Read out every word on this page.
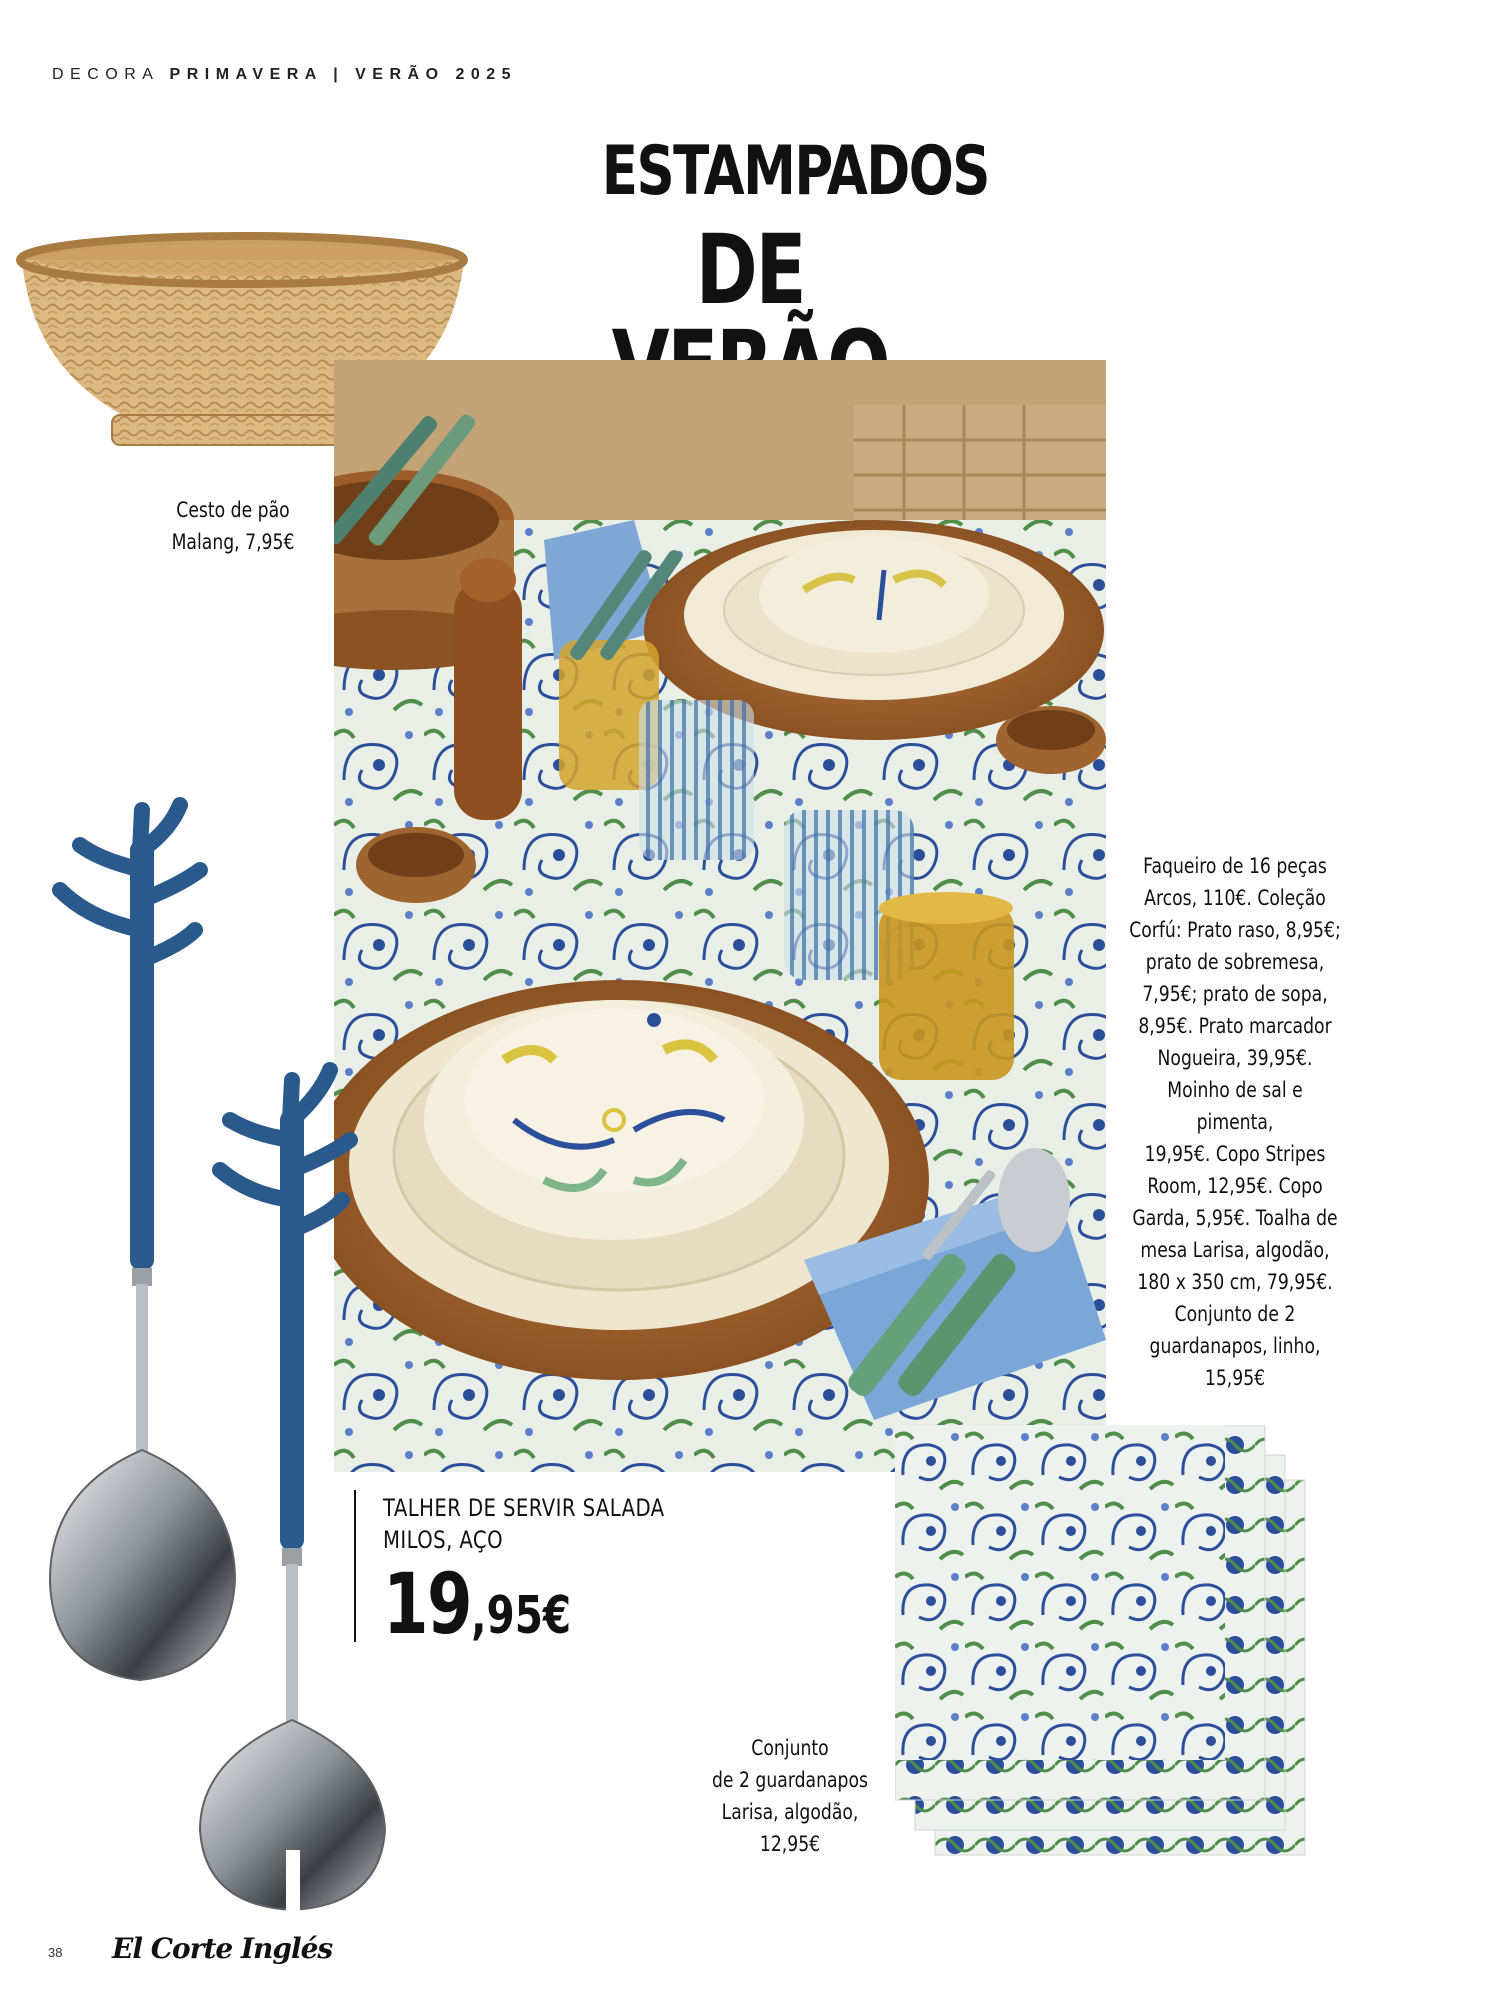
DECORA PRIMAVERA | VERÃO 2025
ESTAMPADOS
DE
Cesto de pão
Malang, 7,95€
Faqueiro de 16 peças
Arcos, 110€. Coleção
Corfú: Prato raso, 8,95€;
prato de sobremesa,
7,95€; prato de sopa,
8,95€. Prato marcador
Nogueira, 39,95€.
Moinho de sal e pimenta,
19,95€. Copo Stripes
Room, 12,95€. Copo
Garda, 5,95€. Toalha de
mesa Larisa, algodão,
180 x 350 cm, 79,95€.
Conjunto de 2
guardanapos, linho,
15,95€
TALHER DE SERVIR SALADA
MILOS, AÇO
19,95€
Conjunto
de 2 guardanapos
Larisa, algodão,
12,95€
38 El Corte Inglés
